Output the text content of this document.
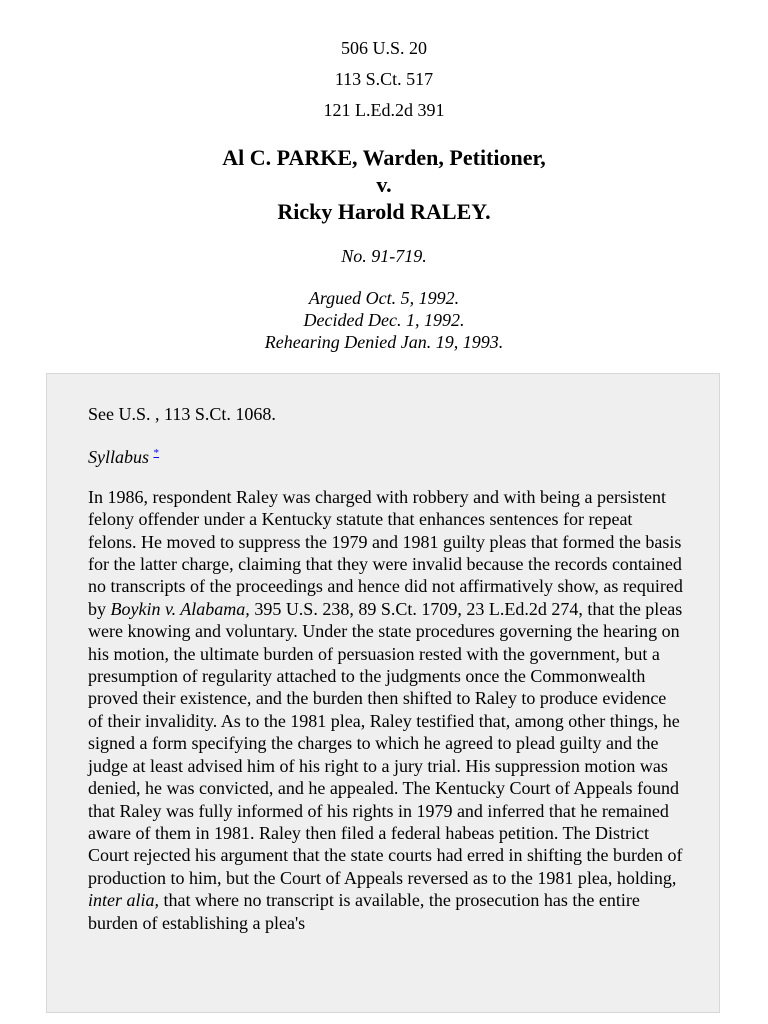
506 U.S. 20
113 S.Ct. 517
121 L.Ed.2d 391
Al C. PARKE, Warden, Petitioner,
v.
Ricky Harold RALEY.
No. 91-719.
Argued Oct. 5, 1992.
Decided Dec. 1, 1992.
Rehearing Denied Jan. 19, 1993.

See U.S. , 113 S.Ct. 1068.

Syllabus *

In 1986, respondent Raley was charged with robbery and with being a persistent felony offender under a Kentucky statute that enhances sentences for repeat felons. He moved to suppress the 1979 and 1981 guilty pleas that formed the basis for the latter charge, claiming that they were invalid because the records contained no transcripts of the proceedings and hence did not affirmatively show, as required by Boykin v. Alabama, 395 U.S. 238, 89 S.Ct. 1709, 23 L.Ed.2d 274, that the pleas were knowing and voluntary. Under the state procedures governing the hearing on his motion, the ultimate burden of persuasion rested with the government, but a presumption of regularity attached to the judgments once the Commonwealth proved their existence, and the burden then shifted to Raley to produce evidence of their invalidity. As to the 1981 plea, Raley testified that, among other things, he signed a form specifying the charges to which he agreed to plead guilty and the judge at least advised him of his right to a jury trial. His suppression motion was denied, he was convicted, and he appealed. The Kentucky Court of Appeals found that Raley was fully informed of his rights in 1979 and inferred that he remained aware of them in 1981. Raley then filed a federal habeas petition. The District Court rejected his argument that the state courts had erred in shifting the burden of production to him, but the Court of Appeals reversed as to the 1981 plea, holding, inter alia, that where no transcript is available, the prosecution has the entire burden of establishing a plea's
